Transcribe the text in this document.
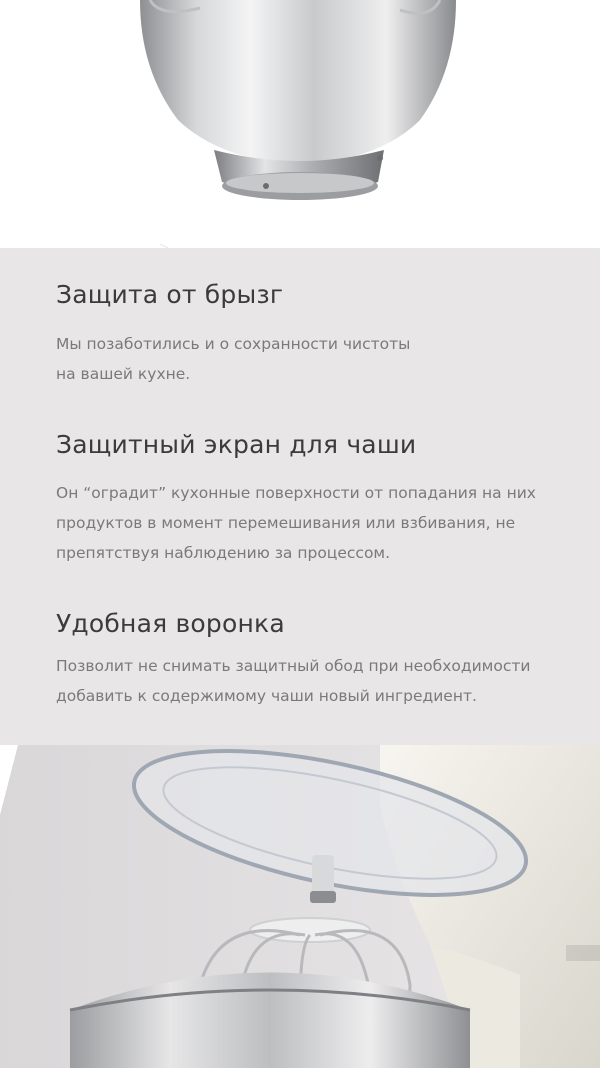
Защита от брызг

Мы позаботились и о сохранности чистоты
на вашей кухне.

Защитный экран для чаши

Он “оградит” кухонные поверхности от попадания на них
продуктов в момент перемешивания или взбивания, не
препятствуя наблюдению за процессом.

Удобная воронка

Позволит не снимать защитный обод при необходимости
добавить к содержимому чаши новый ингредиент.
